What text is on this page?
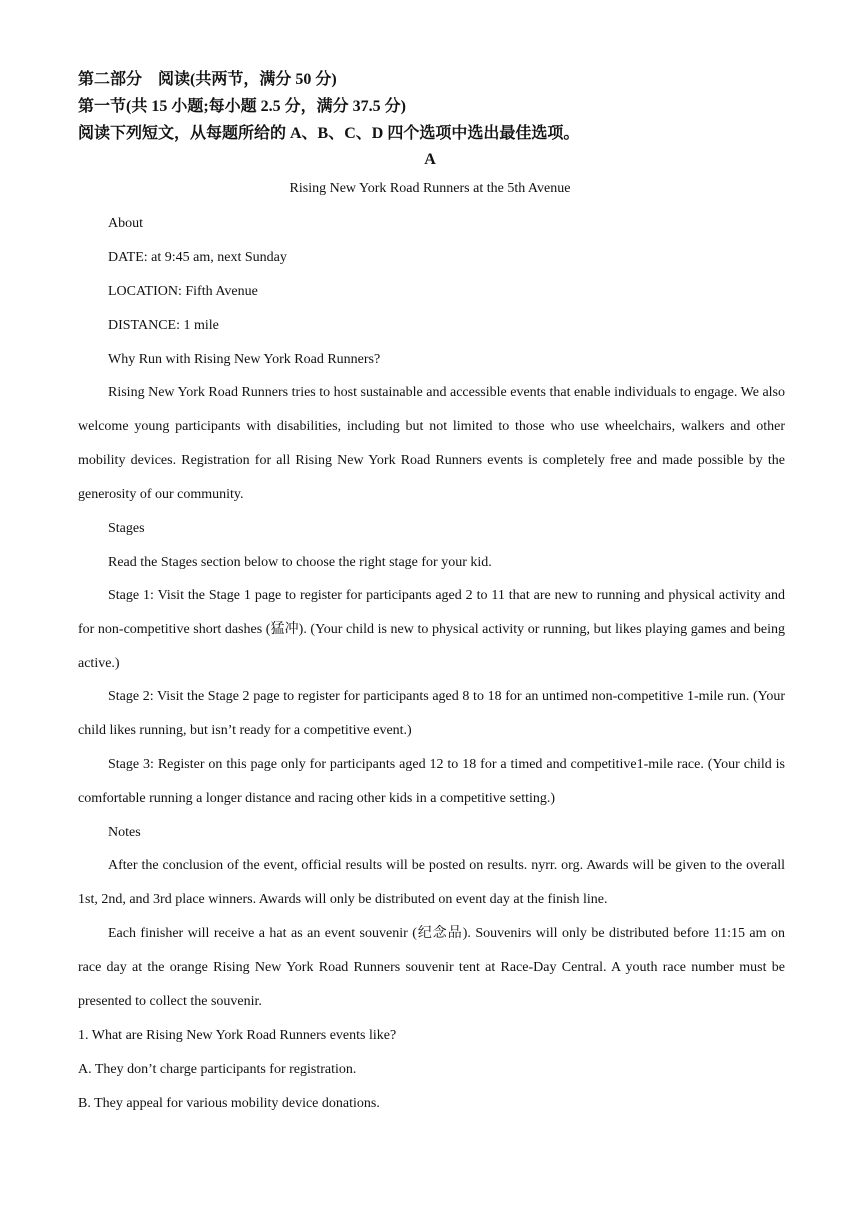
第二部分　阅读(共两节，满分 50 分)
第一节(共 15 小题;每小题 2.5 分，满分 37.5 分)
阅读下列短文，从每题所给的 A、B、C、D 四个选项中选出最佳选项。
A
Rising New York Road Runners at the 5th Avenue
About
DATE: at 9:45 am, next Sunday
LOCATION: Fifth Avenue
DISTANCE: 1 mile
Why Run with Rising New York Road Runners?

Rising New York Road Runners tries to host sustainable and accessible events that enable individuals to engage. We also welcome young participants with disabilities, including but not limited to those who use wheelchairs, walkers and other mobility devices. Registration for all Rising New York Road Runners events is completely free and made possible by the generosity of our community.

Stages
Read the Stages section below to choose the right stage for your kid.

Stage 1: Visit the Stage 1 page to register for participants aged 2 to 11 that are new to running and physical activity and for non-competitive short dashes (猛冲). (Your child is new to physical activity or running, but likes playing games and being active.)

Stage 2: Visit the Stage 2 page to register for participants aged 8 to 18 for an untimed non-competitive 1-mile run. (Your child likes running, but isn’t ready for a competitive event.)

Stage 3: Register on this page only for participants aged 12 to 18 for a timed and competitive1-mile race. (Your child is comfortable running a longer distance and racing other kids in a competitive setting.)

Notes

After the conclusion of the event, official results will be posted on results. nyrr. org. Awards will be given to the overall 1st, 2nd, and 3rd place winners. Awards will only be distributed on event day at the finish line.

Each finisher will receive a hat as an event souvenir (纪念品). Souvenirs will only be distributed before 11:15 am on race day at the orange Rising New York Road Runners souvenir tent at Race-Day Central. A youth race number must be presented to collect the souvenir.

1. What are Rising New York Road Runners events like?
A. They don’t charge participants for registration.
B. They appeal for various mobility device donations.
